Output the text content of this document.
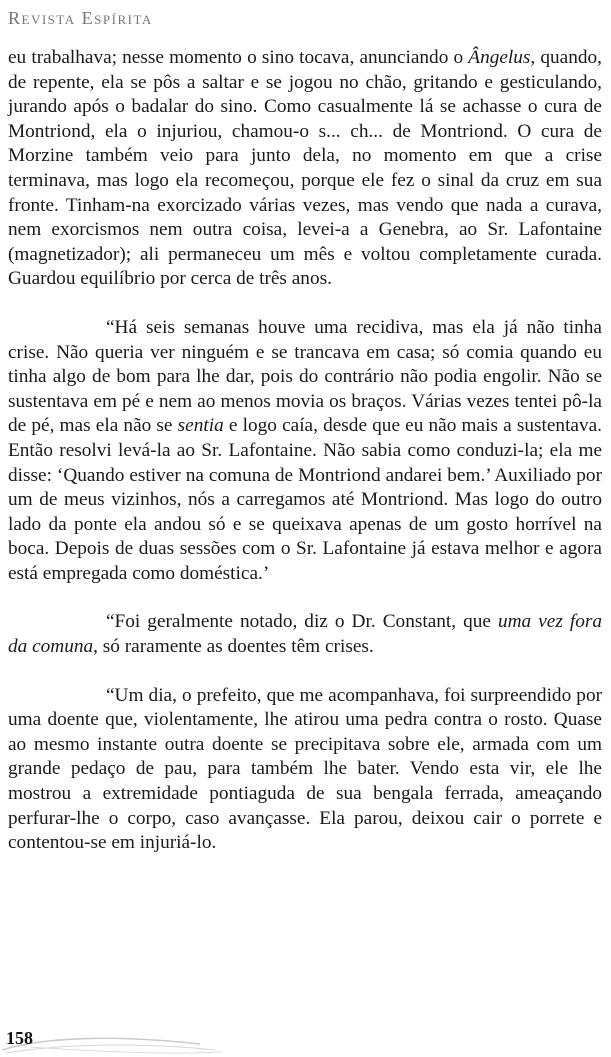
Revista Espírita

eu trabalhava; nesse momento o sino tocava, anunciando o Ângelus, quando, de repente, ela se pôs a saltar e se jogou no chão, gritando e gesticulando, jurando após o badalar do sino. Como casualmente lá se achasse o cura de Montriond, ela o injuriou, chamou-o s... ch... de Montriond. O cura de Morzine também veio para junto dela, no momento em que a crise terminava, mas logo ela recomeçou, porque ele fez o sinal da cruz em sua fronte. Tinham-na exorcizado várias vezes, mas vendo que nada a curava, nem exorcismos nem outra coisa, levei-a a Genebra, ao Sr. Lafontaine (magnetizador); ali permaneceu um mês e voltou completamente curada. Guardou equilíbrio por cerca de três anos.

“Há seis semanas houve uma recidiva, mas ela já não tinha crise. Não queria ver ninguém e se trancava em casa; só comia quando eu tinha algo de bom para lhe dar, pois do contrário não podia engolir. Não se sustentava em pé e nem ao menos movia os braços. Várias vezes tentei pô-la de pé, mas ela não se sentia e logo caía, desde que eu não mais a sustentava. Então resolvi levá-la ao Sr. Lafontaine. Não sabia como conduzi-la; ela me disse: ‘Quando estiver na comuna de Montriond andarei bem.’ Auxiliado por um de meus vizinhos, nós a carregamos até Montriond. Mas logo do outro lado da ponte ela andou só e se queixava apenas de um gosto horrível na boca. Depois de duas sessões com o Sr. Lafontaine já estava melhor e agora está empregada como doméstica.’

“Foi geralmente notado, diz o Dr. Constant, que uma vez fora da comuna, só raramente as doentes têm crises.

“Um dia, o prefeito, que me acompanhava, foi surpreendido por uma doente que, violentamente, lhe atirou uma pedra contra o rosto. Quase ao mesmo instante outra doente se precipitava sobre ele, armada com um grande pedaço de pau, para também lhe bater. Vendo esta vir, ele lhe mostrou a extremidade pontiaguda de sua bengala ferrada, ameaçando perfurar-lhe o corpo, caso avançasse. Ela parou, deixou cair o porrete e contentou-se em injuriá-lo.

158
